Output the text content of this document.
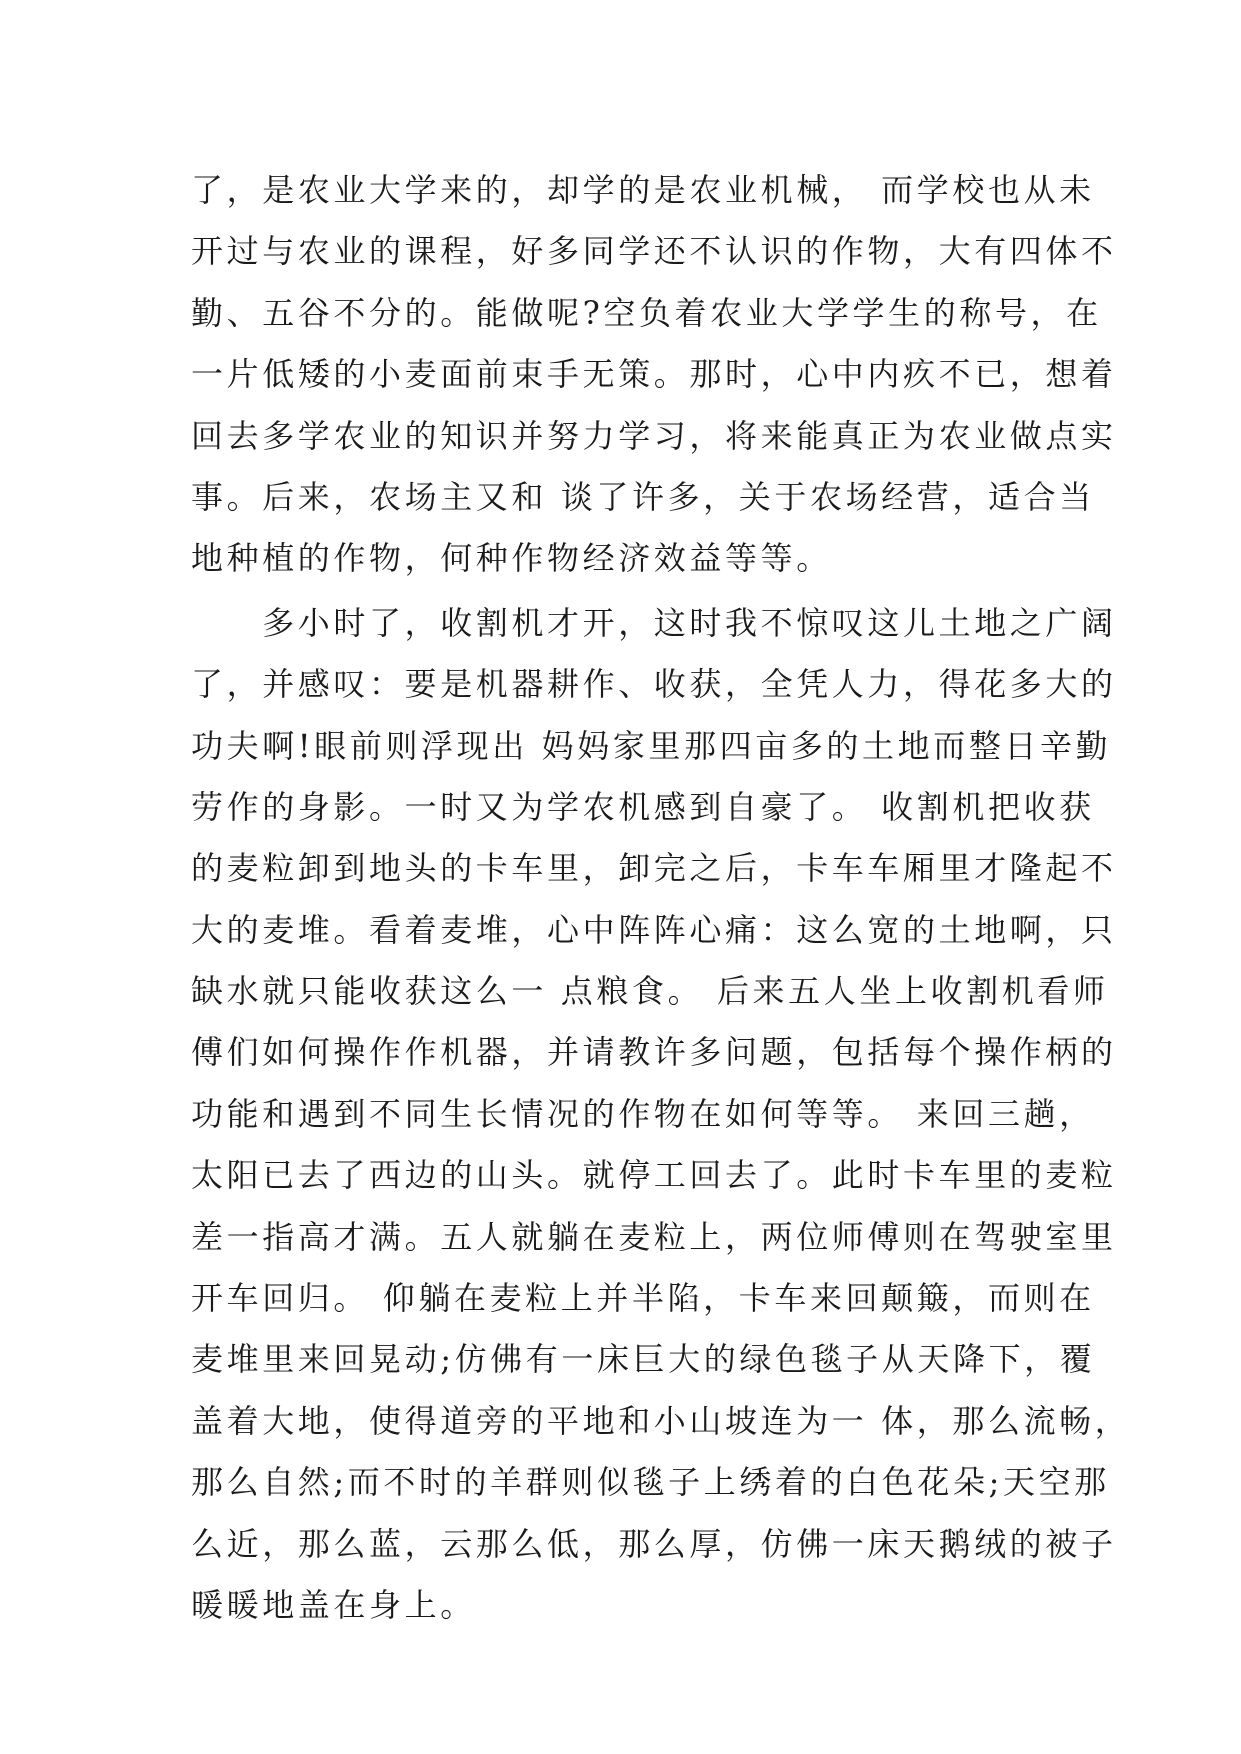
了，是农业大学来的，却学的是农业机械， 而学校也从未
开过与农业的课程，好多同学还不认识的作物，大有四体不
勤、五谷不分的。能做呢?空负着农业大学学生的称号，在
一片低矮的小麦面前束手无策。那时，心中内疚不已，想着
回去多学农业的知识并努力学习，将来能真正为农业做点实
事。后来，农场主又和 谈了许多，关于农场经营，适合当
地种植的作物，何种作物经济效益等等。
　　多小时了，收割机才开，这时我不惊叹这儿土地之广阔
了，并感叹：要是机器耕作、收获，全凭人力，得花多大的
功夫啊!眼前则浮现出 妈妈家里那四亩多的土地而整日辛勤
劳作的身影。一时又为学农机感到自豪了。 收割机把收获
的麦粒卸到地头的卡车里，卸完之后，卡车车厢里才隆起不
大的麦堆。看着麦堆，心中阵阵心痛：这么宽的土地啊，只
缺水就只能收获这么一 点粮食。 后来五人坐上收割机看师
傅们如何操作作机器，并请教许多问题，包括每个操作柄的
功能和遇到不同生长情况的作物在如何等等。 来回三趟，
太阳已去了西边的山头。就停工回去了。此时卡车里的麦粒
差一指高才满。五人就躺在麦粒上，两位师傅则在驾驶室里
开车回归。 仰躺在麦粒上并半陷，卡车来回颠簸，而则在
麦堆里来回晃动;仿佛有一床巨大的绿色毯子从天降下，覆
盖着大地，使得道旁的平地和小山坡连为一 体，那么流畅，
那么自然;而不时的羊群则似毯子上绣着的白色花朵;天空那
么近，那么蓝，云那么低，那么厚，仿佛一床天鹅绒的被子
暖暖地盖在身上。
